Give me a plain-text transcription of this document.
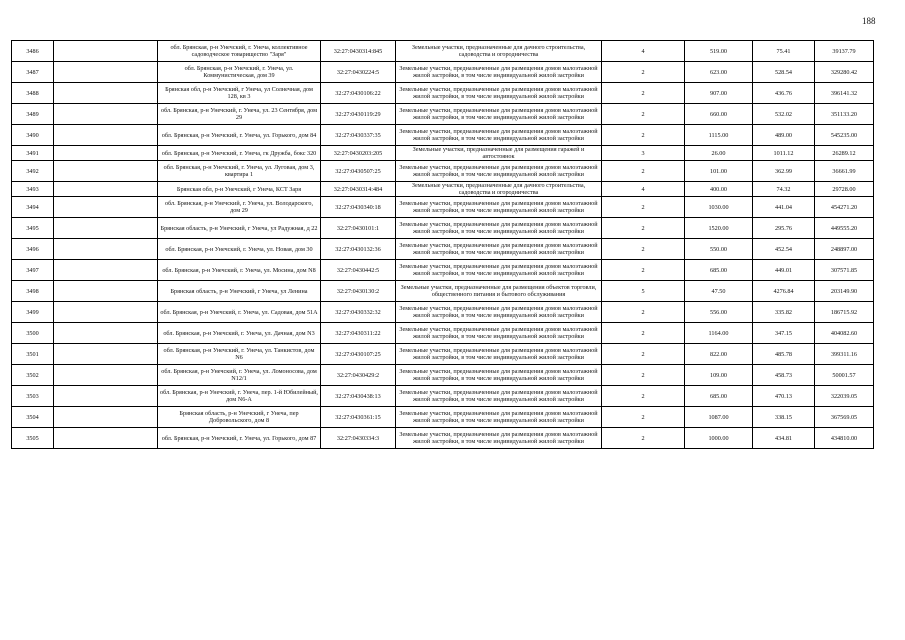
188
3486		обл. Брянская, р-н Унечский, г. Унеча, коллективное садоводческое товарищество "Заря"	32:27:0430314:845	Земельные участки, предназначенные для дачного строительства, садоводства и огородничества	4	519.00	75.41	39137.79
3487		обл. Брянская, р-н Унечский, г. Унеча, ул. Коммунистическая, дом 39	32:27:0430224:5	Земельные участки, предназначенные для размещения домов малоэтажной жилой застройки, в том числе индивидуальной жилой застройки	2	623.00	528.54	329280.42
3488		Брянская обл, р-н Унечский, г Унеча, ул Солнечная, дом 128, кв 3	32:27:0430106:22	Земельные участки, предназначенные для размещения домов малоэтажной жилой застройки, в том числе индивидуальной жилой застройки	2	907.00	436.76	396141.32
3489		обл. Брянская, р-н Унечский, г. Унеча, ул. 23 Сентября, дом 29	32:27:0430119:29	Земельные участки, предназначенные для размещения домов малоэтажной жилой застройки, в том числе индивидуальной жилой застройки	2	660.00	532.02	351133.20
3490		обл. Брянская, р-н Унечский, г. Унеча, ул. Горького, дом 84	32:27:0430337:35	Земельные участки, предназначенные для размещения домов малоэтажной жилой застройки, в том числе индивидуальной жилой застройки	2	1115.00	489.00	545235.00
3491		обл. Брянская, р-н Унечский, г. Унеча, гк Дружба, бокс 320	32:27:0430203:205	Земельные участки, предназначенные для размещения гаражей и автостоянок	3	26.00	1011.12	26289.12
3492		обл. Брянская, р-н Унечский, г. Унеча, ул. Луговая, дом 3, квартира 1	32:27:0430507:25	Земельные участки, предназначенные для размещения домов малоэтажной жилой застройки, в том числе индивидуальной жилой застройки	2	101.00	362.99	36661.99
3493		Брянская обл, р-н Унечский, г Унеча, КСТ Заря	32:27:0430314:484	Земельные участки, предназначенные для дачного строительства, садоводства и огородничества	4	400.00	74.32	29728.00
3494		обл. Брянская, р-н Унечский, г. Унеча, ул. Володарского, дом 29	32:27:0430340:18	Земельные участки, предназначенные для размещения домов малоэтажной жилой застройки, в том числе индивидуальной жилой застройки	2	1030.00	441.04	454271.20
3495		Брянская область, р-н Унечский, г Унеча, ул Радужная, д 22	32:27:0430101:1	Земельные участки, предназначенные для размещения домов малоэтажной жилой застройки, в том числе индивидуальной жилой застройки	2	1520.00	295.76	449555.20
3496		обл. Брянская, р-н Унечский, г. Унеча, ул. Новая, дом 30	32:27:0430132:36	Земельные участки, предназначенные для размещения домов малоэтажной жилой застройки, в том числе индивидуальной жилой застройки	2	550.00	452.54	248897.00
3497		обл. Брянская, р-н Унечский, г. Унеча, ул. Мосина, дом N8	32:27:0430442:5	Земельные участки, предназначенные для размещения домов малоэтажной жилой застройки, в том числе индивидуальной жилой застройки	2	685.00	449.01	307571.85
3498		Брянская область, р-н Унечский, г Унеча, ул Ленина	32:27:0430130:2	Земельные участки, предназначенные для размещения объектов торговли, общественного питания и бытового обслуживания	5	47.50	4276.84	203149.90
3499		обл. Брянская, р-н Унечский, г. Унеча, ул. Садовая, дом 51А	32:27:0430332:32	Земельные участки, предназначенные для размещения домов малоэтажной жилой застройки, в том числе индивидуальной жилой застройки	2	556.00	335.82	186715.92
3500		обл. Брянская, р-н Унечский, г. Унеча, ул. Дачная, дом N3	32:27:0430311:22	Земельные участки, предназначенные для размещения домов малоэтажной жилой застройки, в том числе индивидуальной жилой застройки	2	1164.00	347.15	404082.60
3501		обл. Брянская, р-н Унечский, г. Унеча, ул. Танкистов, дом N6	32:27:0430107:25	Земельные участки, предназначенные для размещения домов малоэтажной жилой застройки, в том числе индивидуальной жилой застройки	2	822.00	485.78	399311.16
3502		обл. Брянская, р-н Унечский, г. Унеча, ул. Ломоносова, дом N12/1	32:27:0430429:2	Земельные участки, предназначенные для размещения домов малоэтажной жилой застройки, в том числе индивидуальной жилой застройки	2	109.00	458.73	50001.57
3503		обл. Брянская, р-н Унечский, г. Унеча, пер. 1-й Юбилейный, дом N6-А	32:27:0430438:13	Земельные участки, предназначенные для размещения домов малоэтажной жилой застройки, в том числе индивидуальной жилой застройки	2	685.00	470.13	322039.05
3504		Брянская область, р-н Унечский, г Унеча, пер Добровольского, дом 8	32:27:0430361:15	Земельные участки, предназначенные для размещения домов малоэтажной жилой застройки, в том числе индивидуальной жилой застройки	2	1087.00	338.15	367569.05
3505		обл. Брянская, р-н Унечский, г. Унеча, ул. Горького, дом 87	32:27:0430334:3	Земельные участки, предназначенные для размещения домов малоэтажной жилой застройки, в том числе индивидуальной жилой застройки	2	1000.00	434.81	434810.00
